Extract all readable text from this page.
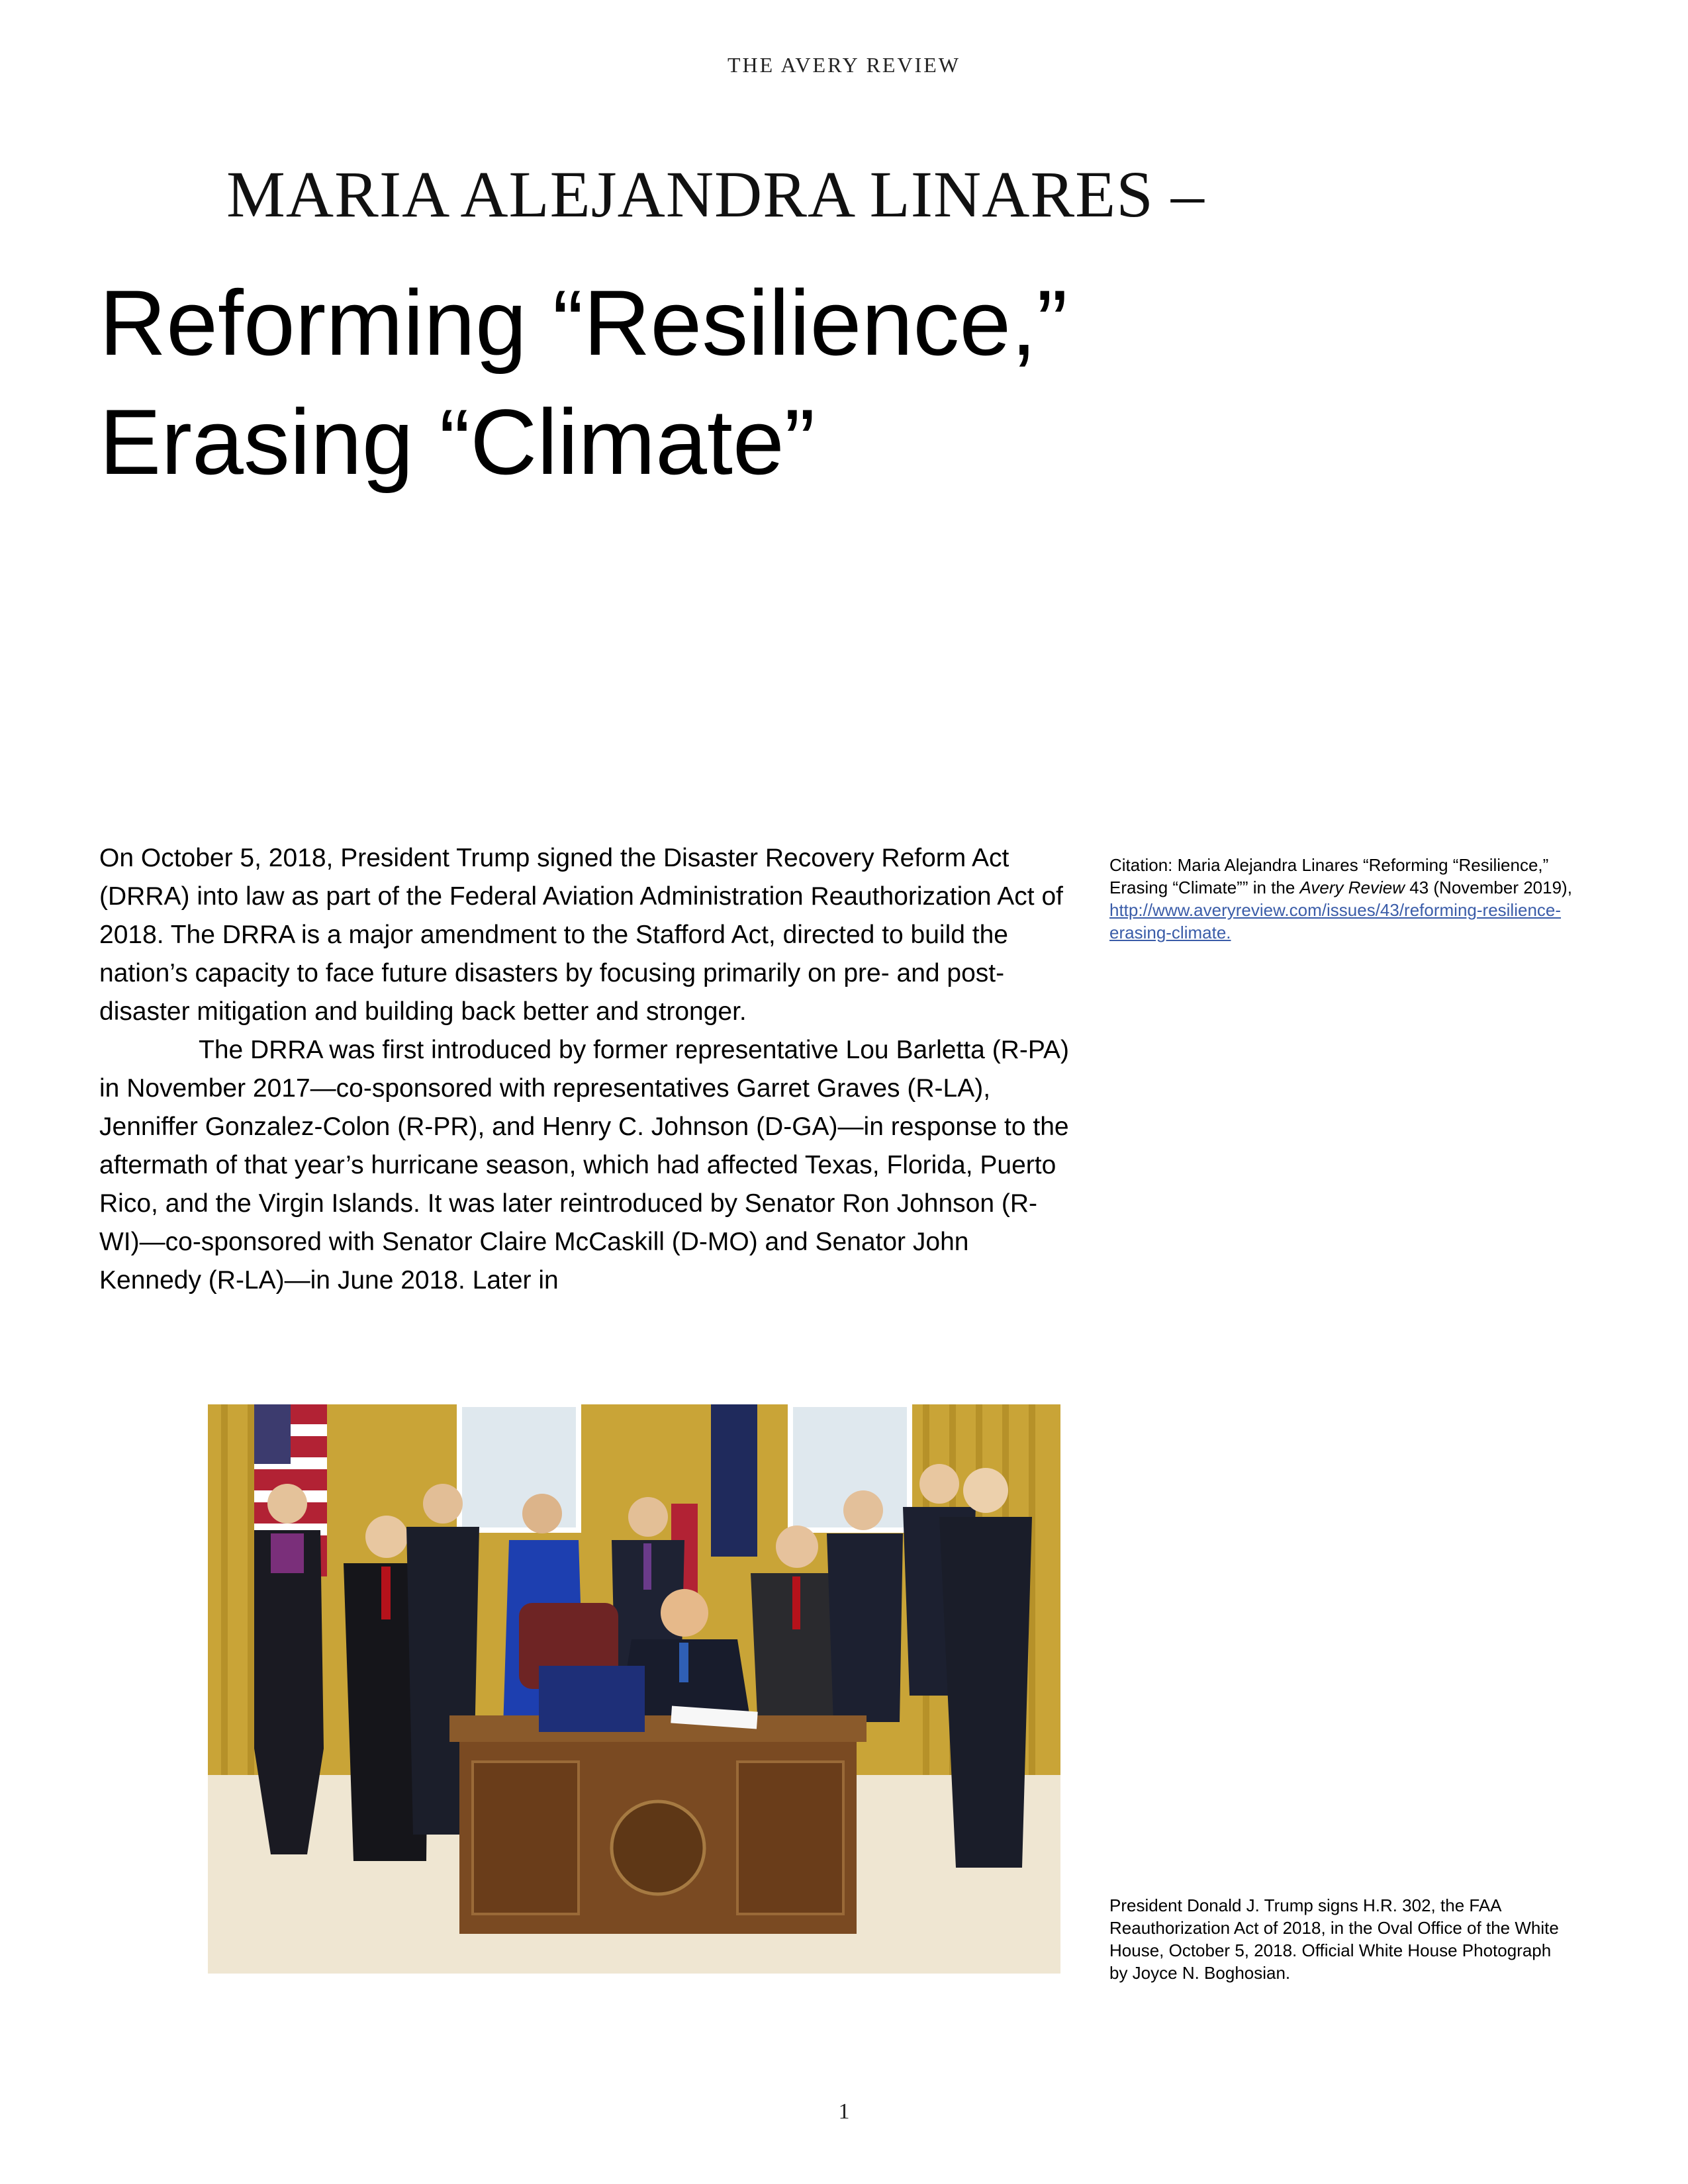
THE AVERY REVIEW
MARIA ALEJANDRA LINARES –
Reforming “Resilience,”
Erasing “Climate”

On October 5, 2018, President Trump signed the Disaster Recovery Reform Act (DRRA) into law as part of the Federal Aviation Administration Reauthorization Act of 2018. The DRRA is a major amendment to the Stafford Act, directed to build the nation’s capacity to face future disasters by focusing primarily on pre- and post-disaster mitigation and building back better and stronger.

The DRRA was first introduced by former representative Lou Barletta (R-PA) in November 2017—co-sponsored with representatives Garret Graves (R-LA), Jenniffer Gonzalez-Colon (R-PR), and Henry C. Johnson (D-GA)—in response to the aftermath of that year’s hurricane season, which had affected Texas, Florida, Puerto Rico, and the Virgin Islands. It was later reintroduced by Senator Ron Johnson (R-WI)—co-sponsored with Senator Claire McCaskill (D-MO) and Senator John Kennedy (R-LA)—in June 2018. Later in

Citation: Maria Alejandra Linares “Reforming “Resilience,” Erasing “Climate”” in the Avery Review 43 (November 2019), http://www.averyreview.com/issues/43/reforming-resilience-erasing-climate.
President Donald J. Trump signs H.R. 302, the FAA Reauthorization Act of 2018, in the Oval Office of the White House, October 5, 2018. Official White House Photograph by Joyce N. Boghosian.
1
